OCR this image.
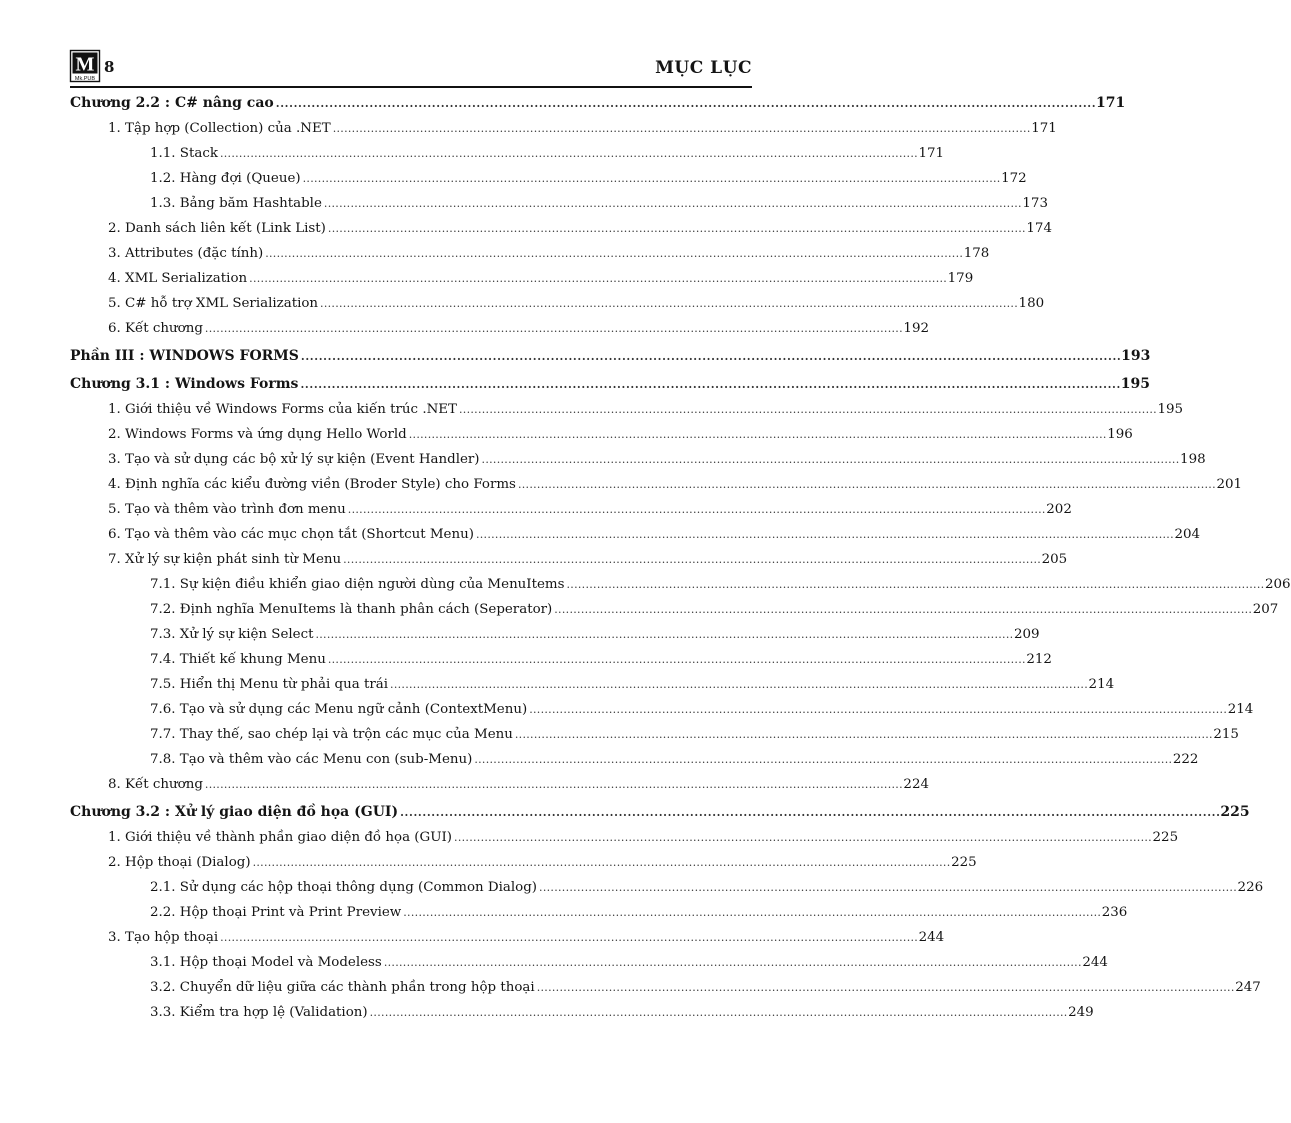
M
Mk.PUB
8	MỤC LỤC
Chương 2.2 : C# nâng cao . . .	171
1. Tập hợp (Collection) của .NET . . .	171
1.1. Stack . . .	171
1.2. Hàng đợi (Queue) . . .	172
1.3. Bảng băm Hashtable . . .	173
2. Danh sách liên kết (Link List) . . .	174
3. Attributes (đặc tính) . . .	178
4. XML Serialization . . .	179
5. C# hỗ trợ XML Serialization . . .	180
6. Kết chương . . .	192
Phần III : WINDOWS FORMS . . .	193
Chương 3.1 : Windows Forms . . .	195
1. Giới thiệu về Windows Forms của kiến trúc .NET . . .	195
2. Windows Forms và ứng dụng Hello World . . .	196
3. Tạo và sử dụng các bộ xử lý sự kiện (Event Handler) . . .	198
4. Định nghĩa các kiểu đường viền (Broder Style) cho Forms . . .	201
5. Tạo và thêm vào trình đơn menu . . .	202
6. Tạo và thêm vào các mục chọn tắt (Shortcut Menu) . . .	204
7. Xử lý sự kiện phát sinh từ Menu . . .	205
7.1. Sự kiện điều khiển giao diện người dùng của MenuItems . . .	206
7.2. Định nghĩa MenuItems là thanh phân cách (Seperator) . . .	207
7.3. Xử lý sự kiện Select . . .	209
7.4. Thiết kế khung Menu . . .	212
7.5. Hiển thị Menu từ phải qua trái . . .	214
7.6. Tạo và sử dụng các Menu ngữ cảnh (ContextMenu) . . .	214
7.7. Thay thế, sao chép lại và trộn các mục của Menu . . .	215
7.8. Tạo và thêm vào các Menu con (sub-Menu) . . .	222
8. Kết chương . . .	224
Chương 3.2 : Xử lý giao diện đồ họa (GUI) . . .	225
1. Giới thiệu về thành phần giao diện đồ họa (GUI) . . .	225
2. Hộp thoại (Dialog) . . .	225
2.1. Sử dụng các hộp thoại thông dụng (Common Dialog) . . .	226
2.2. Hộp thoại Print và Print Preview . . .	236
3. Tạo hộp thoại . . .	244
3.1. Hộp thoại Model và Modeless . . .	244
3.2. Chuyển dữ liệu giữa các thành phần trong hộp thoại . . .	247
3.3. Kiểm tra hợp lệ (Validation) . . .	249
